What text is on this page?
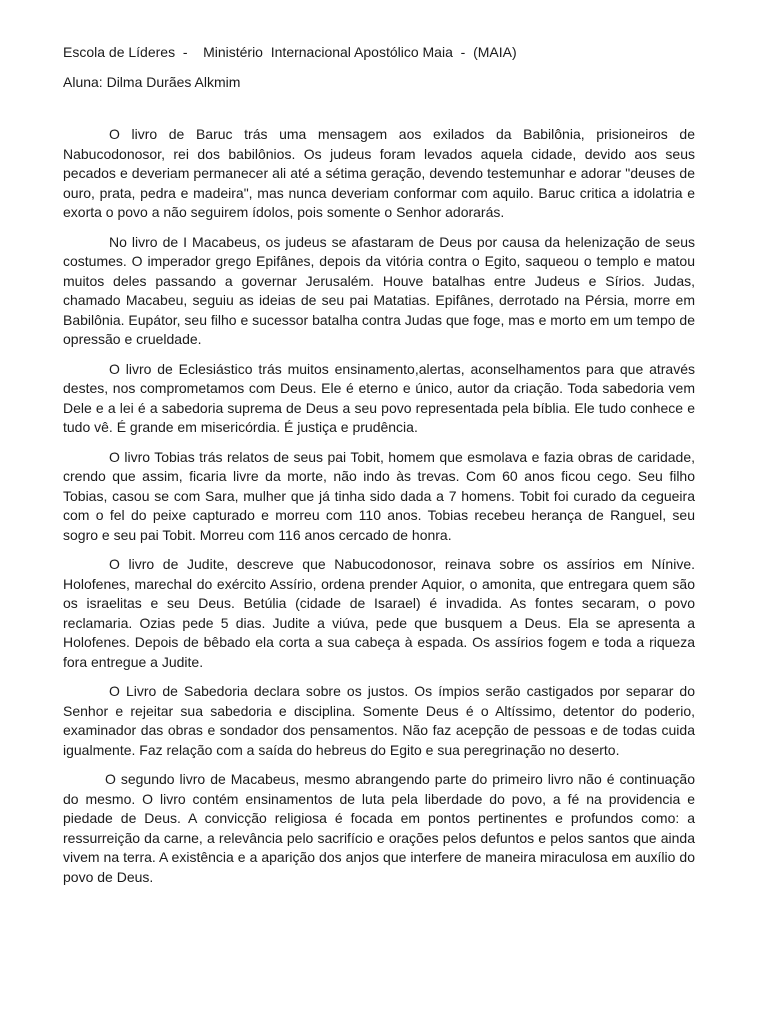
Escola de Líderes  -    Ministério  Internacional Apostólico Maia  -  (MAIA)
Aluna: Dilma Durães Alkmim

O livro de Baruc trás uma mensagem aos exilados da Babilônia, prisioneiros de Nabucodonosor, rei dos babilônios. Os judeus foram levados aquela cidade, devido aos seus pecados e deveriam permanecer ali até a sétima geração, devendo testemunhar e adorar "deuses de ouro, prata, pedra e madeira", mas nunca deveriam conformar com aquilo. Baruc critica a idolatria e exorta o povo a não seguirem ídolos, pois somente o Senhor adorarás.

No livro de I Macabeus, os judeus se afastaram de Deus por causa da helenização de seus costumes. O imperador grego Epifânes, depois da vitória contra o Egito, saqueou o templo e matou muitos deles passando a governar Jerusalém. Houve batalhas entre Judeus e Sírios. Judas, chamado Macabeu, seguiu as ideias de seu pai Matatias. Epifânes, derrotado na Pérsia, morre em Babilônia. Eupátor, seu filho e sucessor batalha contra Judas que foge, mas e morto em um tempo de opressão e crueldade.

O livro de Eclesiástico trás muitos ensinamento,alertas, aconselhamentos para que através destes, nos comprometamos com Deus. Ele é eterno e único, autor da criação. Toda sabedoria vem Dele e a lei é a sabedoria suprema de Deus a seu povo representada pela bíblia. Ele tudo conhece e tudo vê. É grande em misericórdia. É justiça e prudência.

O livro Tobias trás relatos de seus pai Tobit, homem que esmolava e fazia obras de caridade, crendo que assim, ficaria livre da morte, não indo às trevas. Com 60 anos ficou cego. Seu filho Tobias, casou se com Sara, mulher que já tinha sido dada a 7 homens. Tobit foi curado da cegueira com o fel do peixe capturado e morreu com 110 anos. Tobias recebeu herança de Ranguel, seu sogro e seu pai Tobit. Morreu com 116 anos cercado de honra.

O livro de Judite, descreve que Nabucodonosor, reinava sobre os assírios em Nínive. Holofenes, marechal do exército Assírio, ordena prender Aquior, o amonita, que entregara quem são os israelitas e seu Deus. Betúlia (cidade de Isarael) é invadida. As fontes secaram, o povo reclamaria. Ozias pede 5 dias. Judite a viúva, pede que busquem a Deus. Ela se apresenta a Holofenes. Depois de bêbado ela corta a sua cabeça à espada. Os assírios fogem e toda a riqueza fora entregue a Judite.

O Livro de Sabedoria declara sobre os justos. Os ímpios serão castigados por separar do Senhor e rejeitar sua sabedoria e disciplina. Somente Deus é o Altíssimo, detentor do poderio, examinador das obras e sondador dos pensamentos. Não faz acepção de pessoas e de todas cuida igualmente. Faz relação com a saída do hebreus do Egito e sua peregrinação no deserto.

O segundo livro de Macabeus, mesmo abrangendo parte do primeiro livro não é continuação do mesmo. O livro contém ensinamentos de luta pela liberdade do povo, a fé na providencia e piedade de Deus. A convicção religiosa é focada em pontos pertinentes e profundos como: a ressurreição da carne, a relevância pelo sacrifício e orações pelos defuntos e pelos santos que ainda vivem na terra. A existência e a aparição dos anjos que interfere de maneira miraculosa em auxílio do povo de Deus.
